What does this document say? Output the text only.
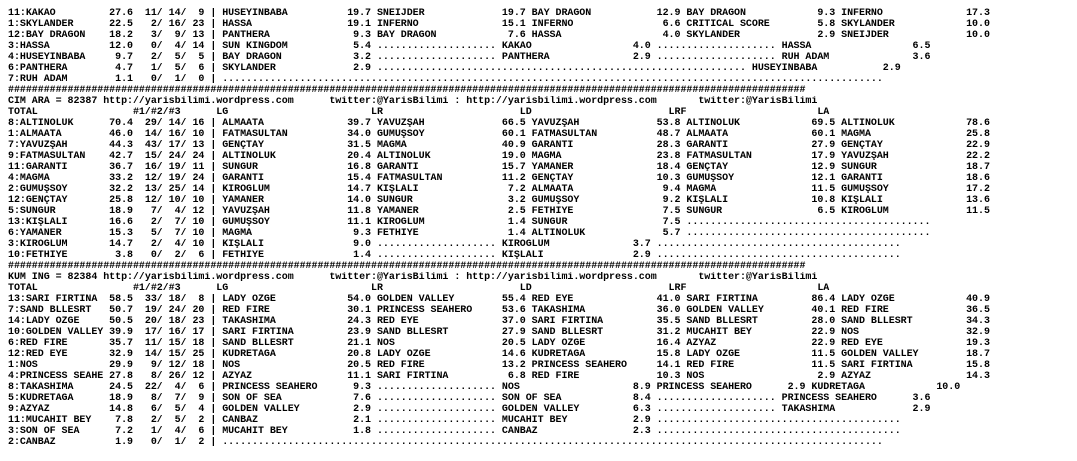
11:KAKAO         27.6  11/ 14/  9 | HÜSEYİNBABA          19.7 SNEIJDER             19.7 BAY DRAGON           12.9 BAY DRAGON            9.3 INFERNO              17.3
1:SKYLANDER      22.5   2/ 16/ 23 | HASSA                19.1 INFERNO              15.1 INFERNO               6.6 CRITICAL SCORE        5.8 SKYLANDER            10.0
12:BAY DRAGON    18.2   3/  9/ 13 | PANTHERA              9.3 BAY DRAGON            7.6 HASSA                 4.0 SKYLANDER             2.9 SNEIJDER             10.0
3:HASSA          12.0   0/  4/ 14 | SUN KINGDOM           5.4 .................... KAKAO                 4.0 .................... HASSA                 6.5
4:HÜSEYİNBABA     9.7   2/  5/  5 | BAY DRAGON            3.2 .................... PANTHERA              2.9 .................... RUH ADAM              3.6
6:PANTHERA        4.7   1/  5/  6 | SKYLANDER             2.9 .............................................................. HÜSEYİNBABA           2.9
7:RUH ADAM        1.1   0/  1/  0 | ...............................................................................................................
######################################################################################################################################
CIM ARA = 82387 http://yarisbilimi.wordpress.com      twitter:@YarisBilimi : http://yarisbilimi.wordpress.com       twitter:@YarisBilimi
TOTAL                #1/#2/#3      LG                        LR                       LD                       LRF                      LA
8:ALTINOLUK      70.4  29/ 14/ 16 | ALMAATA              39.7 YAVUZŞAH             66.5 YAVUZŞAH             53.8 ALTINOLUK            69.5 ALTINOLUK            78.6
1:ALMAATA        46.0  14/ 16/ 10 | FATMASULTAN          34.0 GÜMÜŞSOY             60.1 FATMASULTAN          48.7 ALMAATA              60.1 MAGMA                25.8
7:YAVUZŞAH       44.3  43/ 17/ 13 | GENÇTAY              31.5 MAGMA                40.9 GARANTİ              28.3 GARANTİ              27.9 GENÇTAY              22.9
9:FATMASULTAN    42.7  15/ 24/ 24 | ALTINOLUK            20.4 ALTINOLUK            19.0 MAGMA                23.8 FATMASULTAN          17.9 YAVUZŞAH             22.2
11:GARANTİ       36.7  16/ 19/ 11 | SUNGUR               16.8 GARANTİ              15.7 YAMANER              18.4 GENÇTAY              12.9 SUNGUR               18.7
4:MAGMA          33.2  12/ 19/ 24 | GARANTİ              15.4 FATMASULTAN          11.2 GENÇTAY              10.3 GÜMÜŞSOY             12.1 GARANTİ              18.6
2:GÜMÜŞSOY       32.2  13/ 25/ 14 | KIROĞLUM             14.7 KIŞLALI               7.2 ALMAATA               9.4 MAGMA                11.5 GÜMÜŞSOY             17.2
12:GENÇTAY       25.8  12/ 10/ 10 | YAMANER              14.0 SUNGUR                3.2 GÜMÜŞSOY              9.2 KIŞLALI              10.8 KIŞLALI              13.6
5:SUNGUR         18.9   7/  4/ 12 | YAVUZŞAH             11.8 YAMANER               2.5 FETHİYE               7.5 SUNGUR                6.5 KIROĞLUM             11.5
13:KIŞLALI       16.6   2/  7/ 10 | GÜMÜŞSOY             11.1 KIROĞLUM              1.4 SUNGUR                7.5 .........................................
6:YAMANER        15.3   5/  7/ 10 | MAGMA                 9.3 FETHİYE               1.4 ALTINOLUK             5.7 .........................................
3:KIROĞLUM       14.7   2/  4/ 10 | KIŞLALI               9.0 .................... KIROĞLUM              3.7 .........................................
10:FETHİYE        3.8   0/  2/  6 | FETHİYE               1.4 .................... KIŞLALI               2.9 .........................................
######################################################################################################################################
KUM ING = 82384 http://yarisbilimi.wordpress.com      twitter:@YarisBilimi : http://yarisbilimi.wordpress.com       twitter:@YarisBilimi
TOTAL                #1/#2/#3      LG                        LR                       LD                       LRF                      LA
13:SARI FIRTINA  58.5  33/ 18/  8 | LADY ÖZGE            54.0 GOLDEN VALLEY        55.4 RED EYE              41.0 SARI FIRTINA         86.4 LADY ÖZGE            40.9
7:SAND BLLESRT   50.7  19/ 24/ 20 | RED FIRE             30.1 PRINCESS SEAHERO     53.6 TAKASHIMA            36.0 GOLDEN VALLEY        40.1 RED FIRE             36.5
14:LADY ÖZGE     50.5  20/ 18/ 23 | TAKASHIMA            24.3 RED EYE              37.0 SARI FIRTINA         35.5 SAND BLLESRT         28.0 SAND BLLESRT         34.3
10:GOLDEN VALLEY 39.9  17/ 16/ 17 | SARI FIRTINA         23.9 SAND BLLESRT         27.9 SAND BLLESRT         31.2 MÜCAHİT BEY          22.9 NOS                  32.9
6:RED FIRE       35.7  11/ 15/ 18 | SAND BLLESRT         21.1 NOS                  20.5 LADY ÖZGE            16.4 AZYAZ                22.9 RED EYE              19.3
12:RED EYE       32.9  14/ 15/ 25 | KUDRETAĞA            20.8 LADY ÖZGE            14.6 KUDRETAĞA            15.8 LADY ÖZGE            11.5 GOLDEN VALLEY        18.7
1:NOS            29.9   9/ 12/ 18 | NOS                  20.5 RED FIRE             13.2 PRINCESS SEAHERO     14.1 RED FIRE             11.5 SARI FIRTINA         15.8
4:PRINCESS SEAHE 27.8   8/ 26/ 12 | AZYAZ                11.1 SARI FIRTINA          6.8 RED FIRE             10.3 NOS                   2.9 AZYAZ                14.3
8:TAKASHIMA      24.5  22/  4/  6 | PRINCESS SEAHERO      9.3 .................... NOS                   8.9 PRINCESS SEAHERO      2.9 KUDRETAĞA            10.0
5:KUDRETAĞA      18.9   8/  7/  9 | SON OF SEA            7.6 .................... SON OF SEA            8.4 .................... PRINCESS SEAHERO      3.6
9:AZYAZ          14.8   6/  5/  4 | GOLDEN VALLEY         2.9 .................... GOLDEN VALLEY         6.3 .................... TAKASHIMA             2.9
11:MÜCAHİT BEY    7.8   2/  5/  2 | CANBAZ                2.1 .................... MÜCAHİT BEY           2.9 .........................................
3:SON OF SEA      7.2   1/  4/  6 | MÜCAHİT BEY           1.8 .................... CANBAZ                2.3 .........................................
2:CANBAZ          1.9   0/  1/  2 | ...............................................................................................................
